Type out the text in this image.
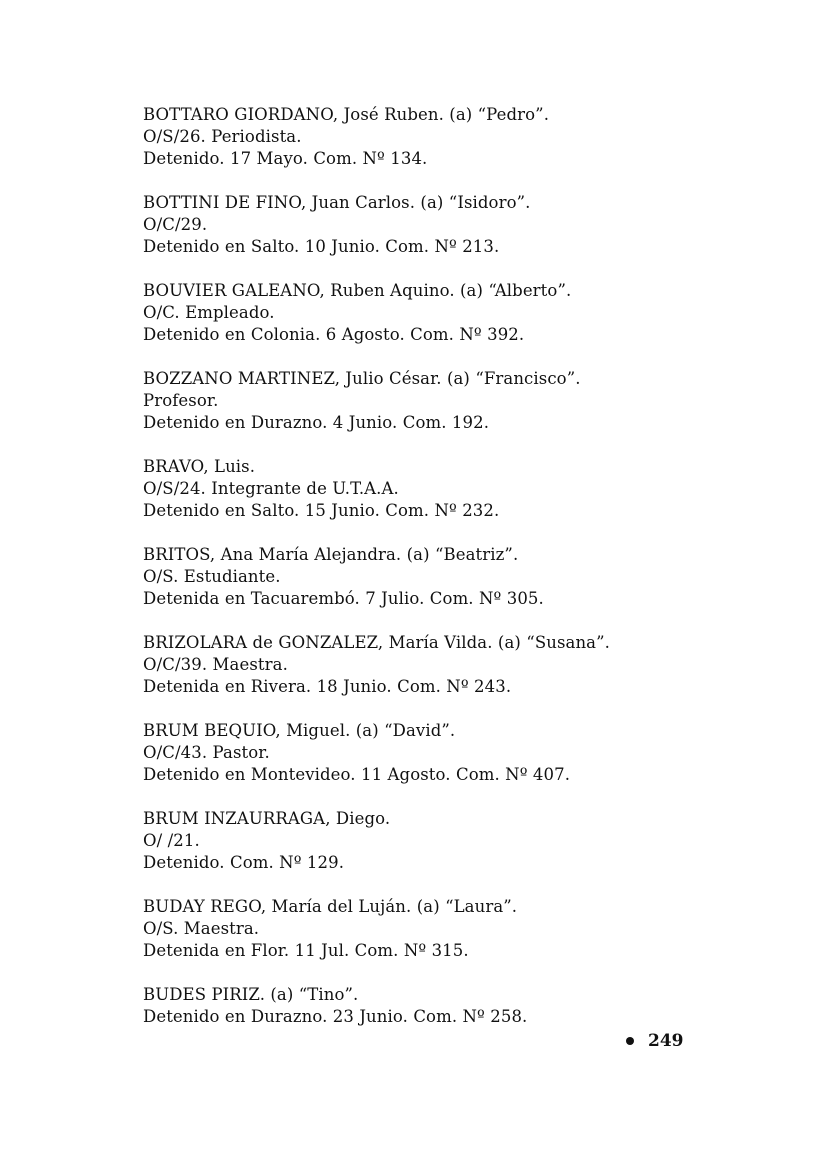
BOTTARO GIORDANO, José Ruben. (a) “Pedro”.
O/S/26. Periodista.
Detenido. 17 Mayo. Com. Nº 134.
BOTTINI DE FINO, Juan Carlos. (a) “Isidoro”.
O/C/29.
Detenido en Salto. 10 Junio. Com. Nº 213.
BOUVIER GALEANO, Ruben Aquino. (a) “Alberto”.
O/C. Empleado.
Detenido en Colonia. 6 Agosto. Com. Nº 392.
BOZZANO MARTINEZ, Julio César. (a) “Francisco”.
Profesor.
Detenido en Durazno. 4 Junio. Com. 192.
BRAVO, Luis.
O/S/24. Integrante de U.T.A.A.
Detenido en Salto. 15 Junio. Com. Nº 232.
BRITOS, Ana María Alejandra. (a) “Beatriz”.
O/S. Estudiante.
Detenida en Tacuarembó. 7 Julio. Com. Nº 305.
BRIZOLARA de GONZALEZ, María Vilda. (a) “Susana”.
O/C/39. Maestra.
Detenida en Rivera. 18 Junio. Com. Nº 243.
BRUM BEQUIO, Miguel. (a) “David”.
O/C/43. Pastor.
Detenido en Montevideo. 11 Agosto. Com. Nº 407.
BRUM INZAURRAGA, Diego.
O/ /21.
Detenido. Com. Nº 129.
BUDAY REGO, María del Luján. (a) “Laura”.
O/S. Maestra.
Detenida en Flor. 11 Jul. Com. Nº 315.
BUDES PIRIZ. (a) “Tino”.
Detenido en Durazno. 23 Junio. Com. Nº 258.
249
